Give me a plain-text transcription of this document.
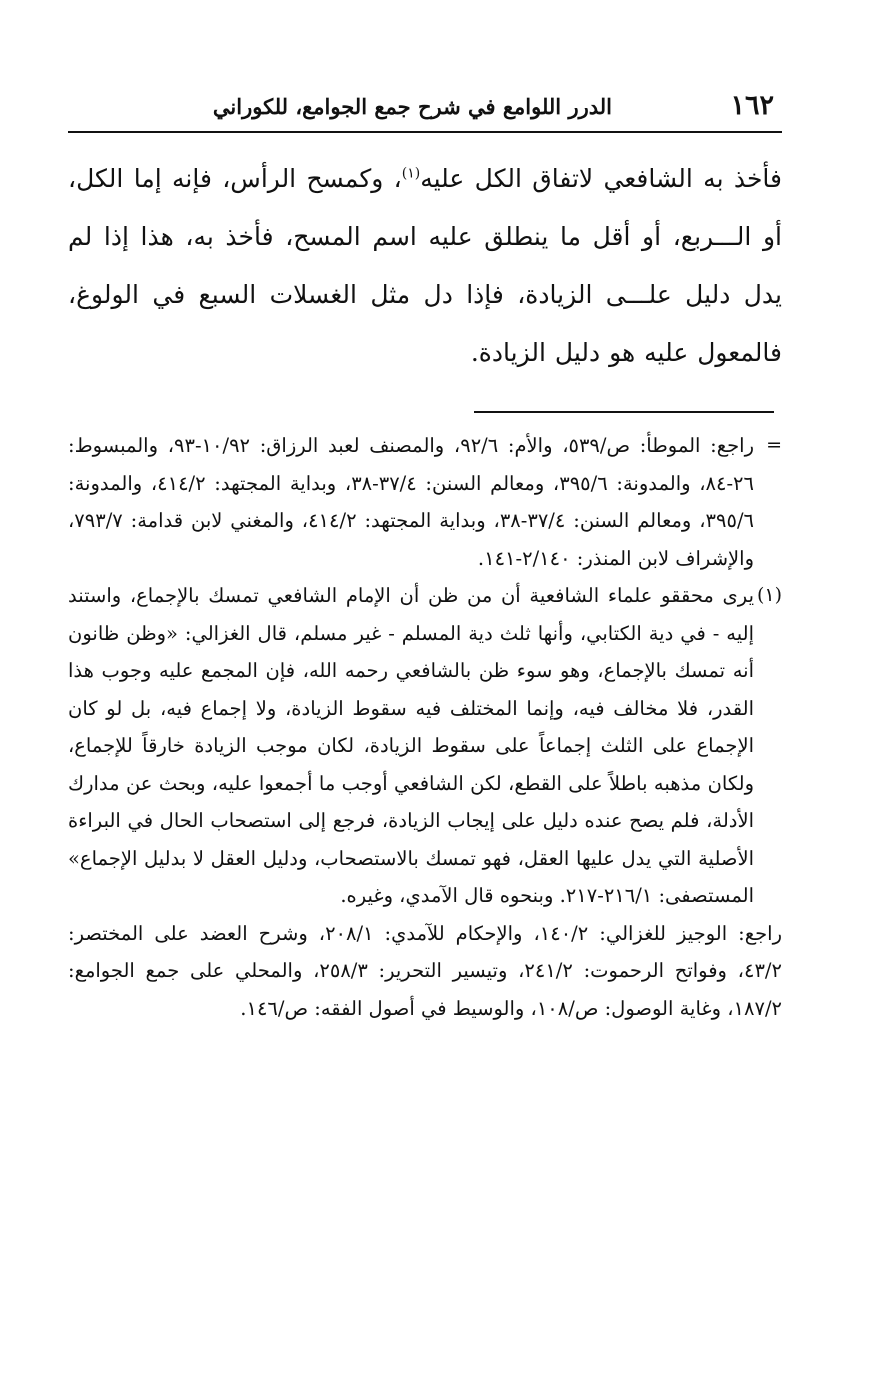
١٦٢
الدرر اللوامع في شرح جمع الجوامع، للكوراني

فأخذ به الشافعي لاتفاق الكل عليه$^{(١)}$، وكمسح الرأس، فإنه إما الكل، أو الـــربع، أو أقل ما ينطلق عليه اسم المسح، فأخذ به، هذا إذا لم يدل دليل علـــى الزيادة، فإذا دل مثل الغسلات السبع في الولوغ، فالمعول عليه هو دليل الزيادة.

=
راجع: الموطأ: ص/٥٣٩، والأم: ٩٢/٦، والمصنف لعبد الرزاق: ١٠/٩٢-٩٣، والمبسوط: ٢٦-٨٤، والمدونة: ٣٩٥/٦، ومعالم السنن: ٣٧/٤-٣٨، وبداية المجتهد: ٤١٤/٢، والمدونة: ٣٩٥/٦، ومعالم السنن: ٣٧/٤-٣٨، وبداية المجتهد: ٤١٤/٢، والمغني لابن قدامة: ٧٩٣/٧، والإشراف لابن المنذر: ٢/١٤٠-١٤١.

(١)
يرى محققو علماء الشافعية أن من ظن أن الإمام الشافعي تمسك بالإجماع، واستند إليه - في دية الكتابي، وأنها ثلث دية المسلم - غير مسلم، قال الغزالي: «وظن ظانون أنه تمسك بالإجماع، وهو سوء ظن بالشافعي رحمه الله، فإن المجمع عليه وجوب هذا القدر، فلا مخالف فيه، وإنما المختلف فيه سقوط الزيادة، ولا إجماع فيه، بل لو كان الإجماع على الثلث إجماعاً على سقوط الزيادة، لكان موجب الزيادة خارقاً للإجماع، ولكان مذهبه باطلاً على القطع، لكن الشافعي أوجب ما أجمعوا عليه، وبحث عن مدارك الأدلة، فلم يصح عنده دليل على إيجاب الزيادة، فرجع إلى استصحاب الحال في البراءة الأصلية التي يدل عليها العقل، فهو تمسك بالاستصحاب، ودليل العقل لا بدليل الإجماع» المستصفى: ٢١٦/١-٢١٧. وبنحوه قال الآمدي، وغيره.

راجع: الوجيز للغزالي: ١٤٠/٢، والإحكام للآمدي: ٢٠٨/١، وشرح العضد على المختصر: ٤٣/٢، وفواتح الرحموت: ٢٤١/٢، وتيسير التحرير: ٢٥٨/٣، والمحلي على جمع الجوامع: ١٨٧/٢، وغاية الوصول: ص/١٠٨، والوسيط في أصول الفقه: ص/١٤٦.
